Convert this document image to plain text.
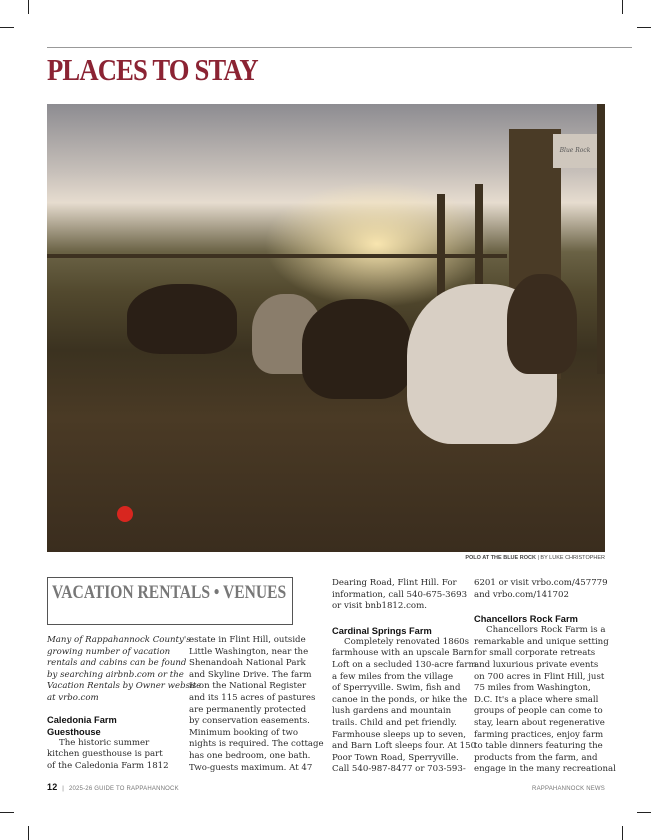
PLACES TO STAY
Blue Rock
POLO AT THE BLUE ROCK | BY LUKE CHRISTOPHER
VACATION RENTALS • VENUES

Many of Rappahannock County's
growing number of vacation
rentals and cabins can be found
by searching airbnb.com or the
Vacation Rentals by Owner website
at vrbo.com

Caledonia Farm
Guesthouse

The historic summer
kitchen guesthouse is part
of the Caledonia Farm 1812

estate in Flint Hill, outside
Little Washington, near the
Shenandoah National Park
and Skyline Drive. The farm
is on the National Register
and its 115 acres of pastures
are permanently protected
by conservation easements.
Minimum booking of two
nights is required. The cottage
has one bedroom, one bath.
Two-guests maximum. At 47

Dearing Road, Flint Hill. For
information, call 540-675-3693
or visit bnb1812.com.

Cardinal Springs Farm

Completely renovated 1860s
farmhouse with an upscale Barn
Loft on a secluded 130-acre farm
a few miles from the village
of Sperryville. Swim, fish and
canoe in the ponds, or hike the
lush gardens and mountain
trails. Child and pet friendly.
Farmhouse sleeps up to seven,
and Barn Loft sleeps four. At 150
Poor Town Road, Sperryville.
Call 540-987-8477 or 703-593-

6201 or visit vrbo.com/457779
and vrbo.com/141702

Chancellors Rock Farm

Chancellors Rock Farm is a
remarkable and unique setting
for small corporate retreats
and luxurious private events
on 700 acres in Flint Hill, just
75 miles from Washington,
D.C. It's a place where small
groups of people can come to
stay, learn about regenerative
farming practices, enjoy farm
to table dinners featuring the
products from the farm, and
engage in the many recreational

12 | 2025-26 GUIDE TO RAPPAHANNOCK	RAPPAHANNOCK NEWS
